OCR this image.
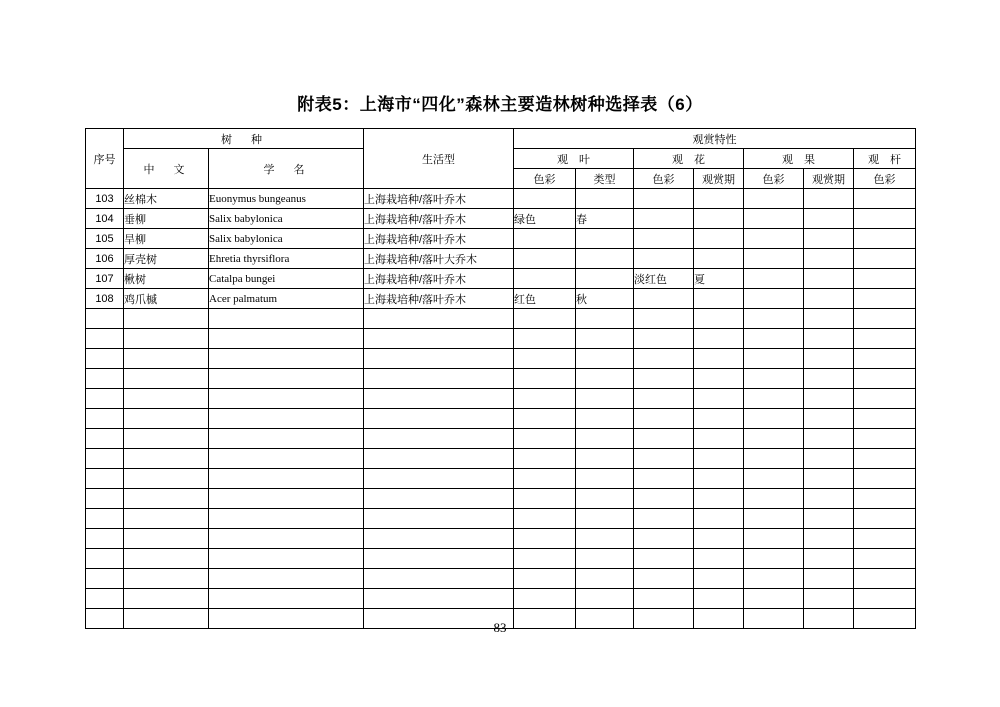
附表5：上海市“四化”森林主要造林树种选择表（6）
序号	树　种		生活型	观赏特性						
	中　文	学　名		观　叶		观　花		观　果		观　杆
				色彩	类型	色彩	观赏期	色彩	观赏期	色彩
103	丝棉木	Euonymus bungeanus	上海栽培种/落叶乔木							
104	垂柳	Salix babylonica	上海栽培种/落叶乔木	绿色	春					
105	旱柳	Salix babylonica	上海栽培种/落叶乔木							
106	厚壳树	Ehretia thyrsiflora	上海栽培种/落叶大乔木							
107	楸树	Catalpa bungei	上海栽培种/落叶乔木			淡红色	夏			
108	鸡爪槭	Acer palmatum	上海栽培种/落叶乔木	红色	秋					

83
